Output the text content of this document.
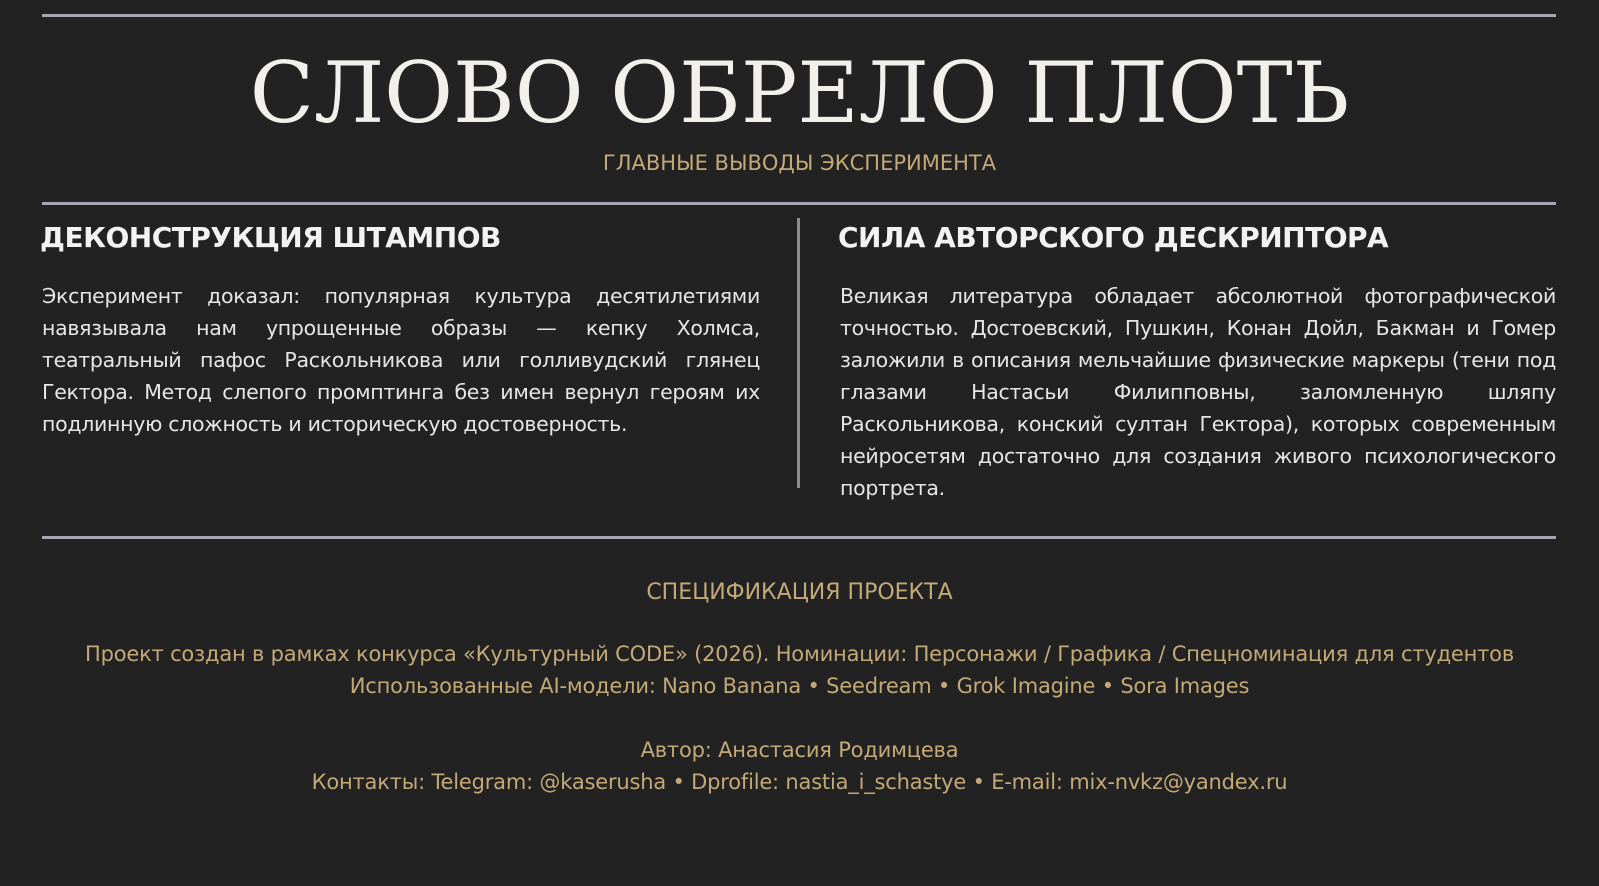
СЛОВО ОБРЕЛО ПЛОТЬ
ГЛАВНЫЕ ВЫВОДЫ ЭКСПЕРИМЕНТА
ДЕКОНСТРУКЦИЯ ШТАМПОВ

Эксперимент доказал: популярная культура десятилетиями навязывала нам упрощенные образы — кепку Холмса, театральный пафос Раскольникова или голливудский глянец Гектора. Метод слепого промптинга без имен вернул героям их подлинную сложность и историческую достоверность.

СИЛА АВТОРСКОГО ДЕСКРИПТОРА

Великая литература обладает абсолютной фотографической точностью. Достоевский, Пушкин, Конан Дойл, Бакман и Гомер заложили в описания мельчайшие физические маркеры (тени под глазами Настасьи Филипповны, заломленную шляпу Раскольникова, конский султан Гектора), которых современным нейросетям достаточно для создания живого психологического портрета.

СПЕЦИФИКАЦИЯ ПРОЕКТА
Проект создан в рамках конкурса «Культурный CODE» (2026). Номинации: Персонажи / Графика / Спецноминация для студентов
Использованные AI-модели: Nano Banana • Seedream • Grok Imagine • Sora Images
Автор: Анастасия Родимцева
Контакты: Telegram: @kaserusha • Dprofile: nastia_i_schastye • E-mail: mix-nvkz@yandex.ru
